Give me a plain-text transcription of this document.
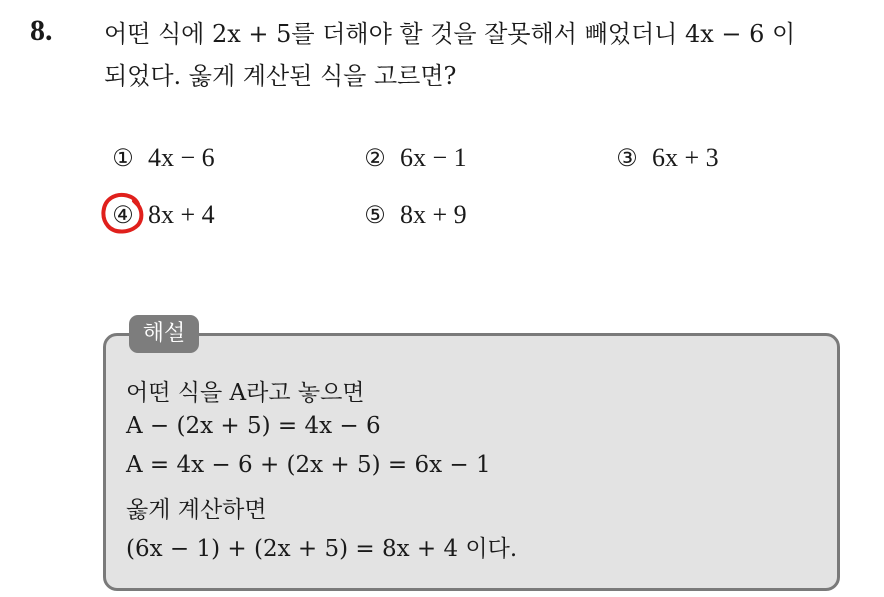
8. 어떤 식에 2x + 5를 더해야 할 것을 잘못해서 빼었더니 4x − 6 이
되었다. 옳게 계산된 식을 고르면?
① 4x − 6	② 6x − 1	③ 6x + 3
④ 8x + 4	⑤ 8x + 9
해설
어떤 식을 A라고 놓으면
A − (2x + 5) = 4x − 6
A = 4x − 6 + (2x + 5) = 6x − 1
옳게 계산하면
(6x − 1) + (2x + 5) = 8x + 4 이다.
